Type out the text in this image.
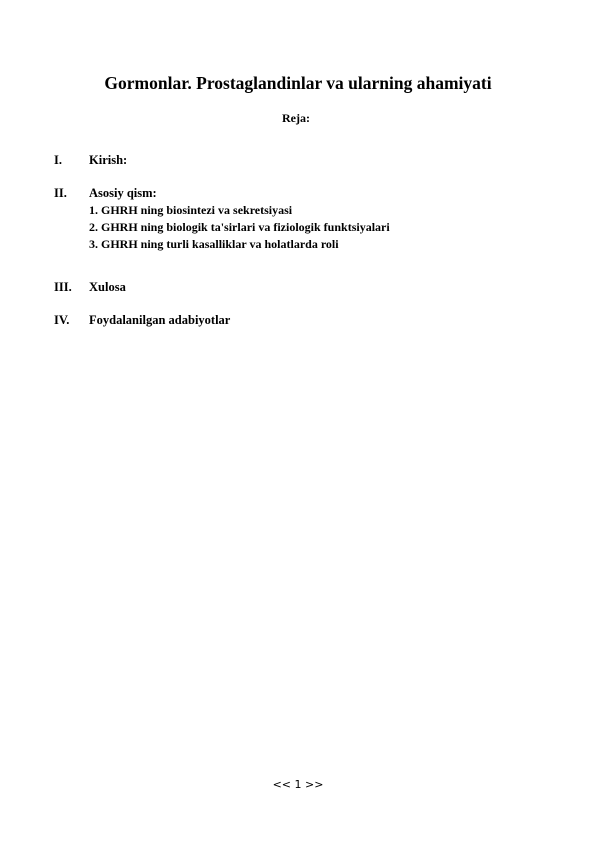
Gormonlar. Prostaglandinlar va ularning ahamiyati
Reja:
I. Kirish:
II. Asosiy qism:
1. GHRH ning biosintezi va sekretsiyasi
2. GHRH ning biologik ta'sirlari va fiziologik funktsiyalari
3. GHRH ning turli kasalliklar va holatlarda roli
III. Xulosa
IV. Foydalanilgan adabiyotlar
<< 1 >>
